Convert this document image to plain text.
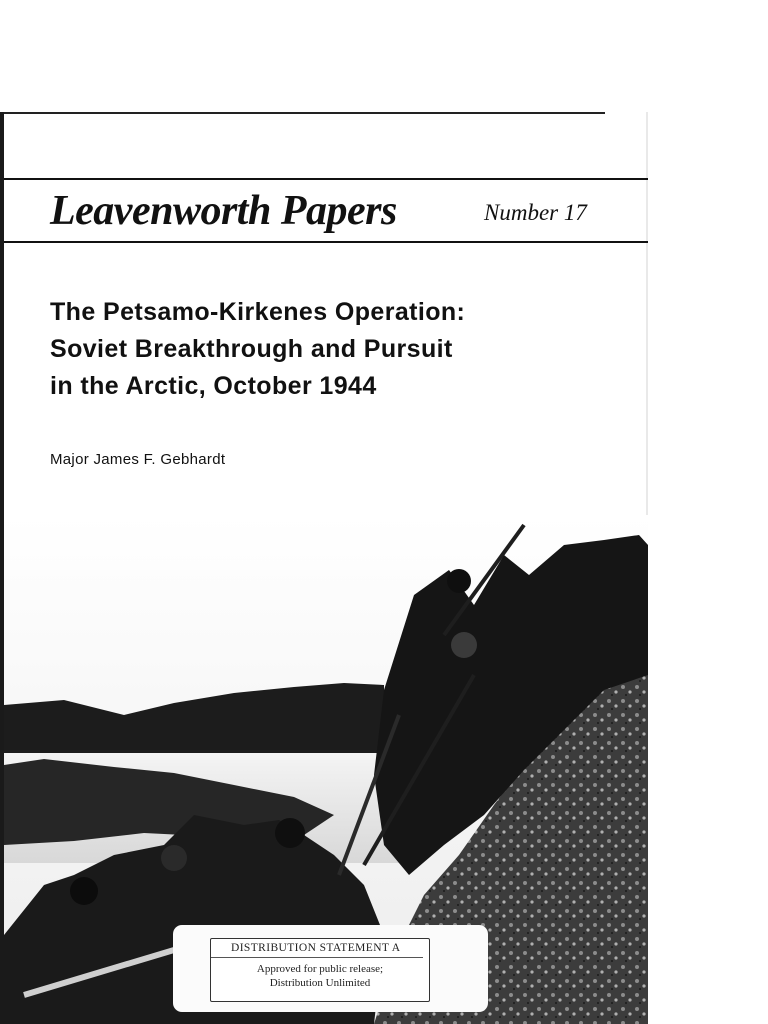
Leavenworth Papers	Number 17
The Petsamo-Kirkenes Operation:
Soviet Breakthrough and Pursuit
in the Arctic, October 1944
Major James F. Gebhardt
DISTRIBUTION STATEMENT A
Approved for public release;
Distribution Unlimited
